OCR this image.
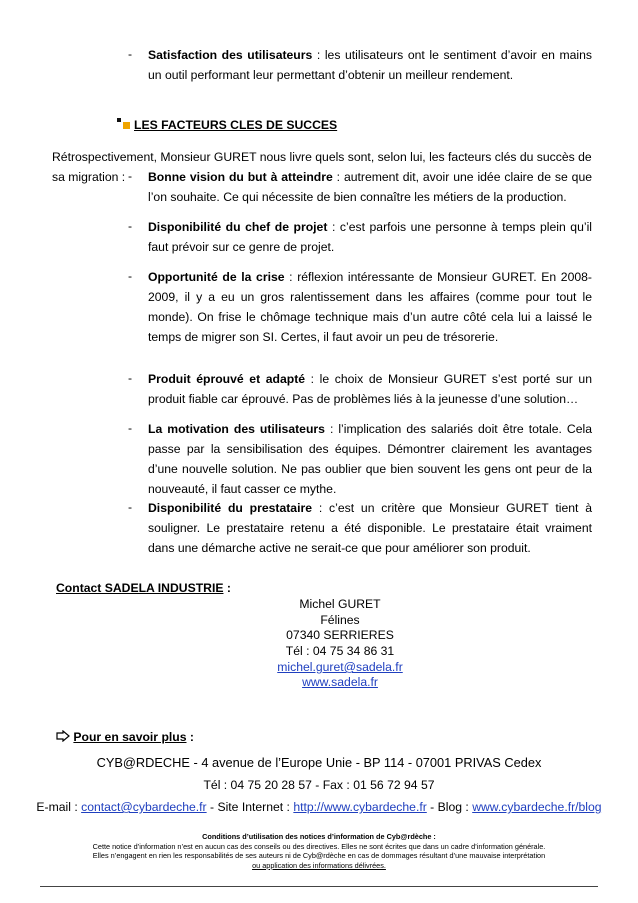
-	Satisfaction des utilisateurs : les utilisateurs ont le sentiment d’avoir en mains un outil performant leur permettant d’obtenir un meilleur rendement.
LES FACTEURS CLES DE SUCCES
Rétrospectivement, Monsieur GURET nous livre quels sont, selon lui, les facteurs clés du succès de sa migration : -	Bonne vision du but à atteindre : autrement dit, avoir une idée claire de se que l’on souhaite. Ce qui nécessite de bien connaître les métiers de la production.
-	Disponibilité du chef de projet : c’est parfois une personne à temps plein qu’il faut prévoir sur ce genre de projet.
-	Opportunité de la crise : réflexion intéressante de Monsieur GURET. En 2008-2009, il y a eu un gros ralentissement dans les affaires (comme pour tout le monde). On frise le chômage technique mais d’un autre côté cela lui a laissé le temps de migrer son SI. Certes, il faut avoir un peu de trésorerie.
-	Produit éprouvé et adapté : le choix de Monsieur GURET s’est porté sur un produit fiable car éprouvé. Pas de problèmes liés à la jeunesse d’une solution…
-	La motivation des utilisateurs : l’implication des salariés doit être totale. Cela passe par la sensibilisation des équipes. Démontrer clairement les avantages d’une nouvelle solution. Ne pas oublier que bien souvent les gens ont peur de la nouveauté, il faut casser ce mythe.
-	Disponibilité du prestataire : c’est un critère que Monsieur GURET tient à souligner. Le prestataire retenu a été disponible. Le prestataire était vraiment dans une démarche active ne serait-ce que pour améliorer son produit.
Contact SADELA INDUSTRIE :
Michel GURET
Félines
07340 SERRIERES
Tél : 04 75 34 86 31
michel.guret@sadela.fr
www.sadela.fr
Pour en savoir plus :
CYB@RDECHE - 4 avenue de l’Europe Unie - BP 114 - 07001 PRIVAS Cedex
Tél : 04 75 20 28 57 - Fax : 01 56 72 94 57
E-mail : contact@cybardeche.fr - Site Internet : http://www.cybardeche.fr - Blog : www.cybardeche.fr/blog
Conditions d’utilisation des notices d’information de Cyb@rdèche :
Cette notice d’information n’est en aucun cas des conseils ou des directives. Elles ne sont écrites que dans un cadre d’information générale.
Elles n’engagent en rien les responsabilités de ses auteurs ni de Cyb@rdèche en cas de dommages résultant d’une mauvaise interprétation
ou application des informations délivrées.
